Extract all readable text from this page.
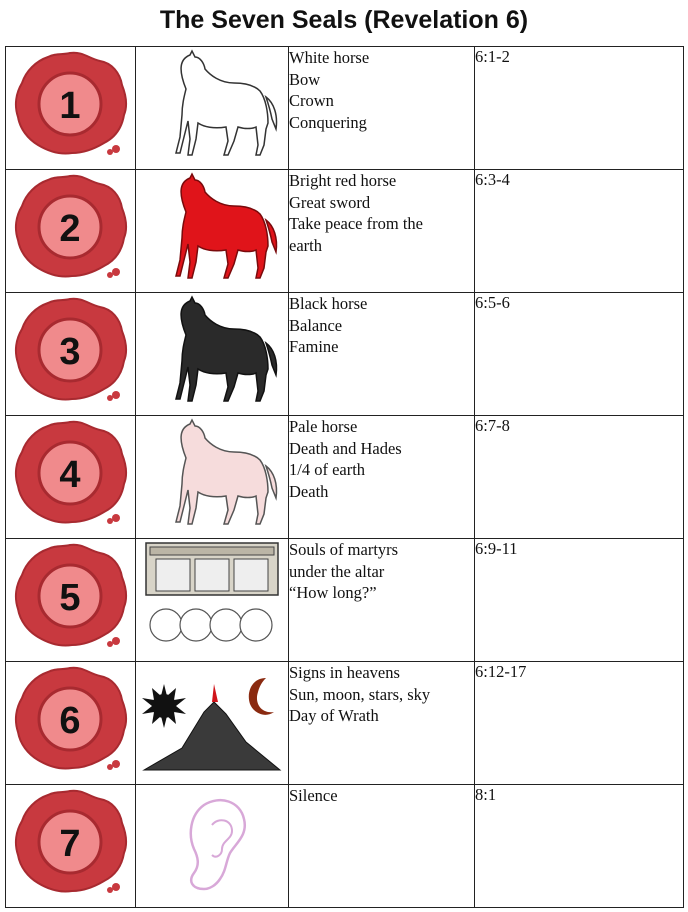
The Seven Seals (Revelation 6)
1		White horse
Bow
Crown
Conquering	6:1-2

2		Bright red horse
Great sword
Take peace from the
earth	6:3-4

3		Black horse
Balance
Famine	6:5-6

4		Pale horse
Death and Hades
1/4 of earth
Death	6:7-8

5		Souls of martyrs
under the altar
“How long?”	6:9-11

6		Signs in heavens
Sun, moon, stars, sky
Day of Wrath	6:12-17

7		Silence	8:1
